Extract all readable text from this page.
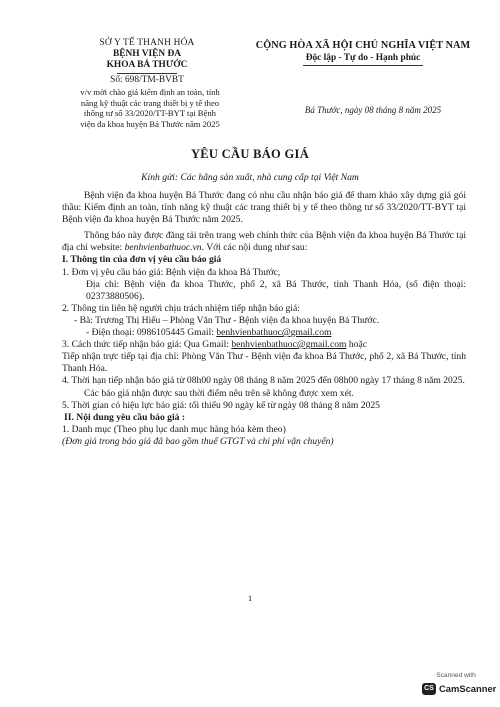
SỞ Y TẾ THANH HÓA
BỆNH VIỆN ĐA
KHOA BÁ THƯỚC
Số: 698/TM-BVBT
CỘNG HÒA XÃ HỘI CHỦ NGHĨA VIỆT NAM
Độc lập - Tự do - Hạnh phúc
v/v mời chào giá kiểm định an toàn, tính
năng kỹ thuật các trang thiết bị y tế theo
thông tư số 33/2020/TT-BYT tại Bệnh
viện đa khoa huyện Bá Thước năm 2025
Bá Thước, ngày 08 tháng 8 năm 2025
YÊU CẦU BÁO GIÁ
Kính gửi: Các hãng sản xuất, nhà cung cấp tại Việt Nam

Bệnh viện đa khoa huyện Bá Thước đang có nhu cầu nhận báo giá để tham khảo xây dựng giá gói thầu: Kiểm định an toàn, tính năng kỹ thuật các trang thiết bị y tế theo thông tư số 33/2020/TT-BYT tại Bệnh viện đa khoa huyện Bá Thước năm 2025.

Thông báo này được đăng tải trên trang web chính thức của Bệnh viện đa khoa huyện Bá Thước tại địa chỉ website: benhvienbathuoc.vn. Với các nội dung như sau:

I. Thông tin của đơn vị yêu cầu báo giá

1. Đơn vị yêu cầu báo giá: Bệnh viện đa khoa Bá Thước,

Địa chỉ: Bệnh viện đa khoa Thước, phố 2, xã Bá Thước, tỉnh Thanh Hóa, (số điện thoại: 02373880506).

2. Thông tin liên hệ người chịu trách nhiệm tiếp nhận báo giá:

- Bà: Trương Thị Hiếu – Phòng Văn Thư - Bệnh viện đa khoa huyện Bá Thước.

- Điện thoại: 0986105445 Gmail: benhvienbathuoc@gmail.com

3. Cách thức tiếp nhận báo giá: Qua Gmail: benhvienbathuoc@gmail.com hoặc

Tiếp nhận trực tiếp tại địa chỉ: Phòng Văn Thư - Bệnh viện đa khoa Bá Thước, phố 2, xã Bá Thước, tỉnh Thanh Hóa.

4. Thời hạn tiếp nhận báo giá từ 08h00 ngày 08 tháng 8 năm 2025 đến 08h00 ngày 17 tháng 8 năm 2025.

Các báo giá nhận được sau thời điểm nêu trên sẽ không được xem xét.

5. Thời gian có hiệu lực báo giá: tối thiểu 90 ngày kể từ ngày 08 tháng 8 năm 2025

II. Nội dung yêu cầu báo giá :

1. Danh mục (Theo phụ lục danh mục hàng hóa kèm theo)

(Đơn giá trong báo giá đã bao gồm thuế GTGT và chi phí vận chuyển)

1
Scanned with
CS CamScanner
